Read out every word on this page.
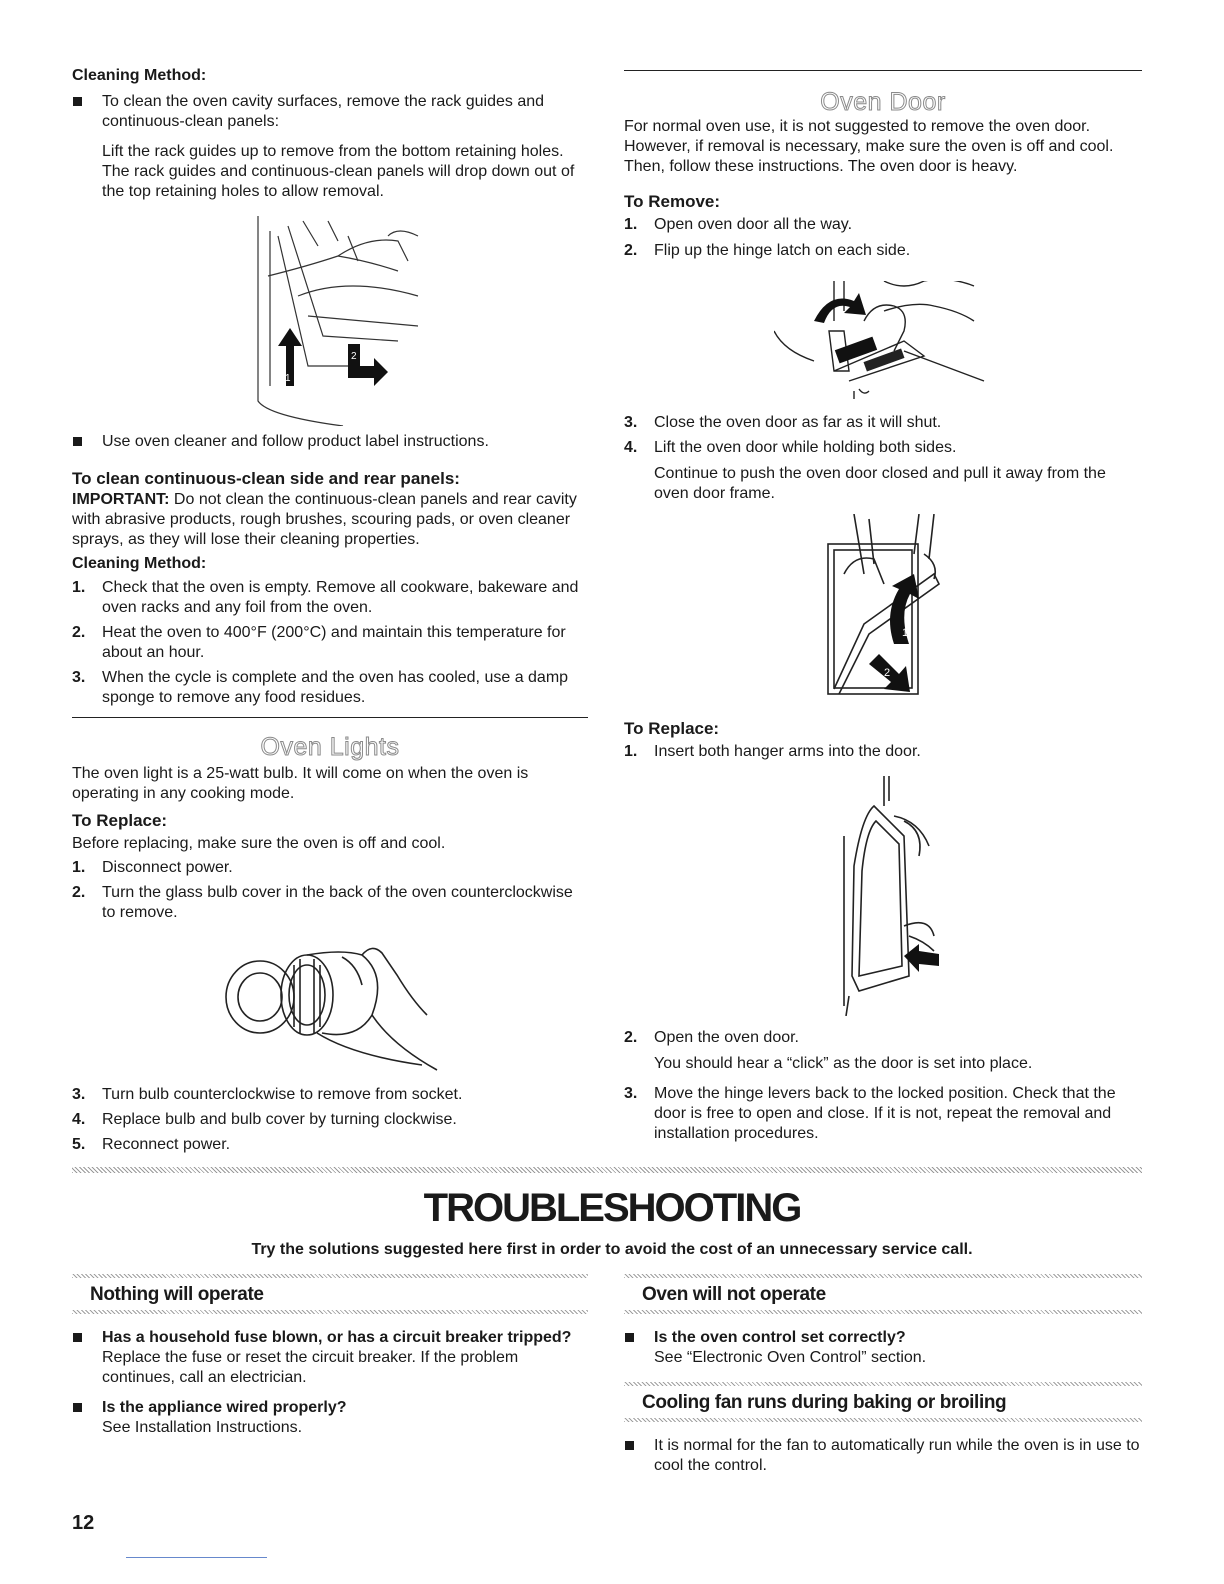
Cleaning Method:

To clean the oven cavity surfaces, remove the rack guides and continuous-clean panels:

Lift the rack guides up to remove from the bottom retaining holes. The rack guides and continuous-clean panels will drop down out of the top retaining holes to allow removal.

1
2
Use oven cleaner and follow product label instructions.

To clean continuous-clean side and rear panels:

IMPORTANT: Do not clean the continuous-clean panels and rear cavity with abrasive products, rough brushes, scouring pads, or oven cleaner sprays, as they will lose their cleaning properties.

Cleaning Method:

1. Check that the oven is empty. Remove all cookware, bakeware and oven racks and any foil from the oven.
2. Heat the oven to 400°F (200°C) and maintain this temperature for about an hour.
3. When the cycle is complete and the oven has cooled, use a damp sponge to remove any food residues.

Oven Lights

The oven light is a 25-watt bulb. It will come on when the oven is operating in any cooking mode.

To Replace:

Before replacing, make sure the oven is off and cool.

1. Disconnect power.
2. Turn the glass bulb cover in the back of the oven counterclockwise to remove.
3. Turn bulb counterclockwise to remove from socket.
4. Replace bulb and bulb cover by turning clockwise.
5. Reconnect power.

Oven Door

For normal oven use, it is not suggested to remove the oven door. However, if removal is necessary, make sure the oven is off and cool. Then, follow these instructions. The oven door is heavy.

To Remove:

1. Open oven door all the way.
2. Flip up the hinge latch on each side.
3. Close the oven door as far as it will shut.
4. Lift the oven door while holding both sides.

Continue to push the oven door closed and pull it away from the oven door frame.

1
2

To Replace:

1. Insert both hanger arms into the door.
2. Open the oven door.

You should hear a “click” as the door is set into place.

3. Move the hinge levers back to the locked position. Check that the door is free to open and close. If it is not, repeat the removal and installation procedures.
TROUBLESHOOTING
Try the solutions suggested here first in order to avoid the cost of an unnecessary service call.
Nothing will operate
Has a household fuse blown, or has a circuit breaker tripped?
Replace the fuse or reset the circuit breaker. If the problem continues, call an electrician.
Is the appliance wired properly?
See Installation Instructions.
Oven will not operate
Is the oven control set correctly?
See “Electronic Oven Control” section.
Cooling fan runs during baking or broiling
It is normal for the fan to automatically run while the oven is in use to cool the control.
12
